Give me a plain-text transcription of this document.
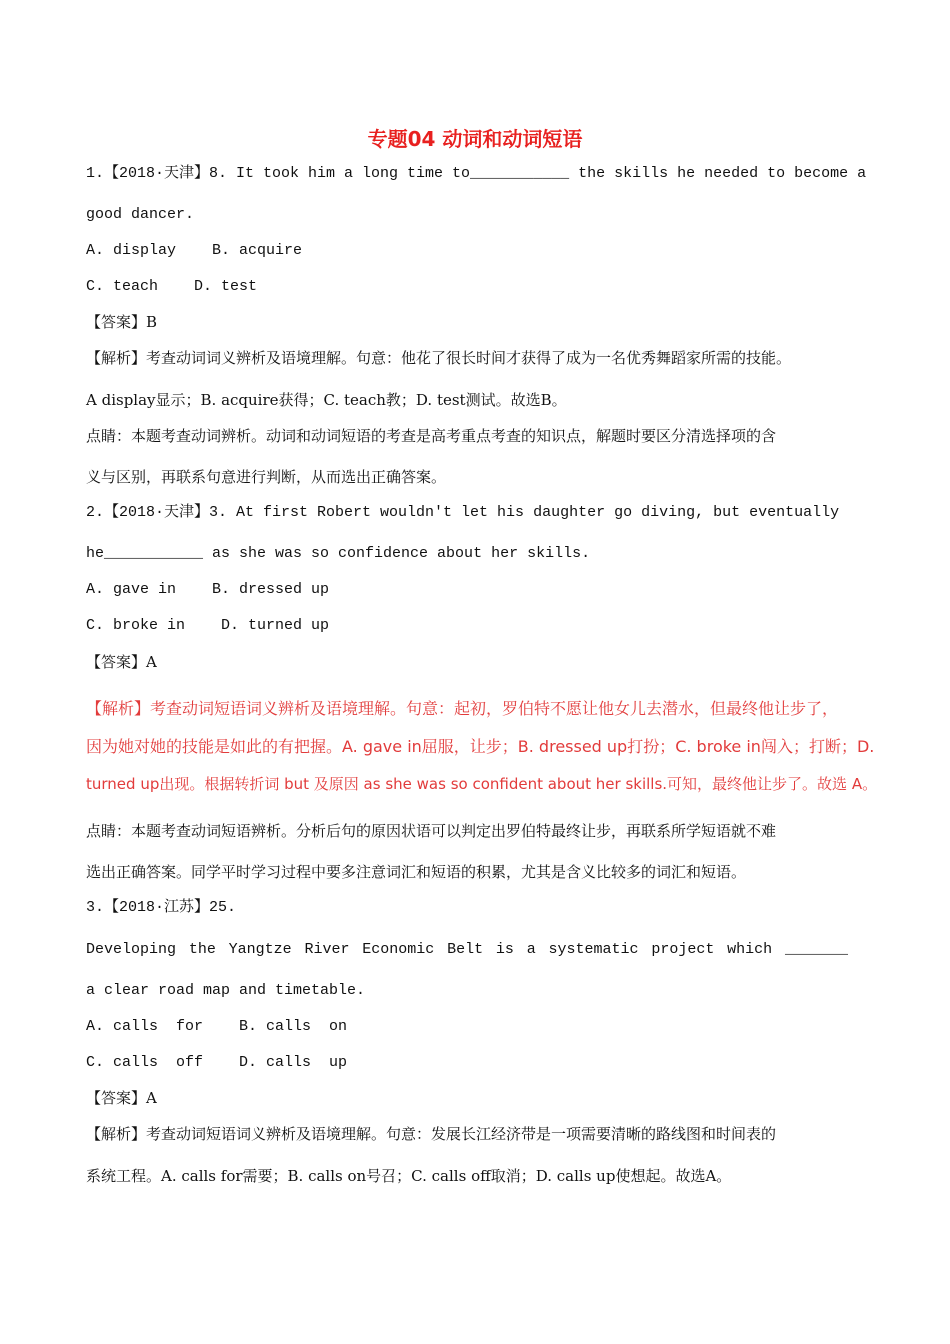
专题04 动词和动词短语
1.【2018·天津】8. It took him a long time to___________ the skills he needed to become a
good dancer.
A. display    B. acquire
C. teach    D. test
【答案】B
【解析】考查动词词义辨析及语境理解。句意：他花了很长时间才获得了成为一名优秀舞蹈家所需的技能。
A display显示；B. acquire获得；C. teach教；D. test测试。故选B。
点睛：本题考查动词辨析。动词和动词短语的考查是高考重点考查的知识点，解题时要区分清选择项的含
义与区别，再联系句意进行判断，从而选出正确答案。
2.【2018·天津】3. At first Robert wouldn't let his daughter go diving, but eventually
he___________ as she was so confidence about her skills.
A. gave in    B. dressed up
C. broke in    D. turned up
【答案】A
【解析】考查动词短语词义辨析及语境理解。句意：起初，罗伯特不愿让他女儿去潜水，但最终他让步了，
因为她对她的技能是如此的有把握。A. gave in屈服，让步；B. dressed up打扮；C. broke in闯入；打断；D.
turned up出现。根据转折词 but 及原因 as she was so confident about her skills.可知，最终他让步了。故选 A。
点睛：本题考查动词短语辨析。分析后句的原因状语可以判定出罗伯特最终让步，再联系所学短语就不难
选出正确答案。同学平时学习过程中要多注意词汇和短语的积累，尤其是含义比较多的词汇和短语。
3.【2018·江苏】25.
Developing the Yangtze River Economic Belt is a systematic project which _______
a clear road map and timetable.
A. calls  for    B. calls  on
C. calls  off    D. calls  up
【答案】A
【解析】考查动词短语词义辨析及语境理解。句意：发展长江经济带是一项需要清晰的路线图和时间表的
系统工程。A. calls for需要；B. calls on号召；C. calls off取消；D. calls up使想起。故选A。
